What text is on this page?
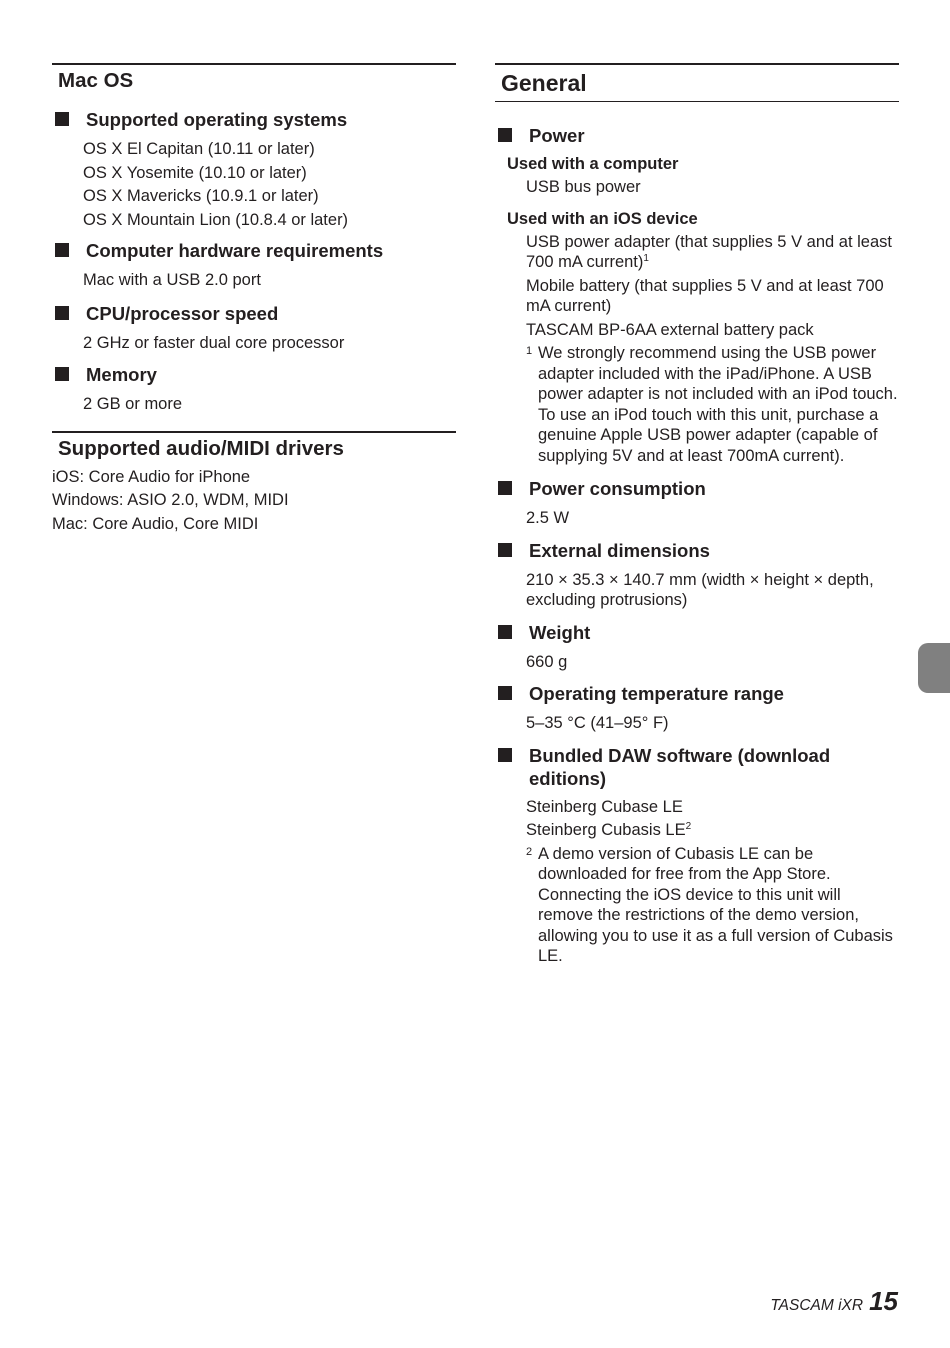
Mac OS
Supported operating systems
OS X El Capitan (10.11 or later)
OS X Yosemite (10.10 or later)
OS X Mavericks (10.9.1 or later)
OS X Mountain Lion (10.8.4 or later)
Computer hardware requirements
Mac with a USB 2.0 port
CPU/processor speed
2 GHz or faster dual core processor
Memory
2 GB or more
Supported audio/MIDI drivers
iOS: Core Audio for iPhone
Windows: ASIO 2.0, WDM, MIDI
Mac: Core Audio, Core MIDI
General
Power
Used with a computer
USB bus power
Used with an iOS device
USB power adapter (that supplies 5 V and at least 700 mA current)$^1$
Mobile battery (that supplies 5 V and at least 700 mA current)
TASCAM BP-6AA external battery pack
1 We strongly recommend using the USB power adapter included with the iPad/iPhone. A USB power adapter is not included with an iPod touch. To use an iPod touch with this unit, purchase a genuine Apple USB power adapter (capable of supplying 5V and at least 700mA current).
Power consumption
2.5 W
External dimensions
210 × 35.3 × 140.7 mm (width × height × depth, excluding protrusions)
Weight
660 g
Operating temperature range
5–35 °C (41–95° F)
Bundled DAW software (download editions)
Steinberg Cubase LE
Steinberg Cubasis $LE^2$
2 A demo version of Cubasis LE can be downloaded for free from the App Store. Connecting the iOS device to this unit will remove the restrictions of the demo version, allowing you to use it as a full version of Cubasis LE.
TASCAM iXR 15
